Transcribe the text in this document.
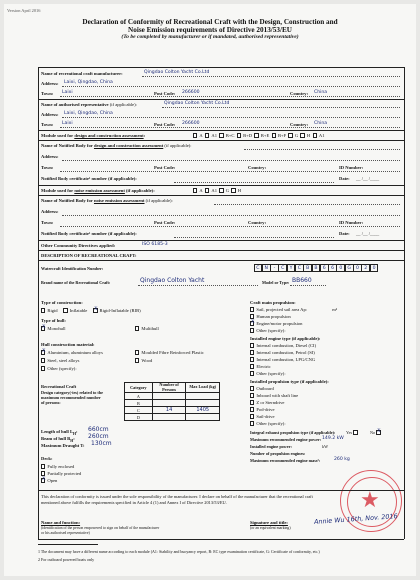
Version April 2016
Declaration of Conformity of Recreational Craft with the Design, Construction and
Noise Emission requirements of Directive 2013/53/EU
(To be completed by manufacturer or if mandated, authorised representative)
Name of recreational craft manufacturer:	Qingdao Colton Yacht Co.Ltd
Address: Laixi, Qingdao, China
Town: Laixi	Post Code: 266600	Country: China
Name of authorised representative (if applicable):	Qingdao Colton Yacht Co.Ltd
Address: Laixi, Qingdao, China
Town: Laixi	Post Code: 266600	Country: China
Module used for design and construction assessment:	A A1 B+C B+D B+E B+F G H A1
Name of Notified Body for design and construction assessment (if applicable):
Address:
Town:	Post Code:	Country:	ID Number:
Notified Body certificate¹ number (if applicable):	Date: __ /__ /____
Module used for noise emission assessment (if applicable):	A A1 G H
Name of Notified Body for noise emission assessment (if applicable):
Address:
Town:	Post Code:	Country:	ID Number:
Notified Body certificate¹ number (if applicable):	Date: __ /__ /____
Other Community Directives applied:	ISO 6185-3
DESCRIPTION OF RECREATIONAL CRAFT:
Watercraft Identification Number:	C	N	-	C	Y	C	B	B	6	6	0	G	0	2	0
Brand name of the Recreational Craft:	Qingdao Colton Yacht	Model or Type: BB660
Type of construction:
Rigid	Inflatable X Rigid-Inflatable (RIB)
Type of hull:
X Monohull	Multihull
Hull construction material:
X Aluminium, aluminium alloys	Moulded Fibre Reinforced Plastic
Steel, steel alloys	Wood
Other (specify):
Craft main propulsion:
Sail, projected sail area Ap:	m²
Human propulsion
X Engine/motor propulsion
Other (specify):
Installed engine type (if applicable):
Internal combustion, Diesel (CI)
Internal combustion, Petrol (SI)
Internal combustion, LPG/CNG
Electric
Other (specify):
Installed propulsion type (if applicable):
Outboard
Inboard with shaft line
Z or Sterndrive
Pod-drive
Sail-drive
Other (specify):
Recreational Craft
Design category(-ies) related to the
maximum recommended number
of persons:
Category	Number of Persons	Max Load (kg)
A		
B		
C	14	1405
D		
Length of hull $L_H$: 660cm
Beam of hull $B_H$: 260cm
Maximum Draught T: 130cm
Deck:
Fully enclosed
Partially protected
X Open
Integral exhaust propulsion type (if applicable):	Yes	No X
Maximum recommended engine power: 149.2 kW
Installed engine power:	kW
Number of propulsion engines:
Maximum recommended engine mass²:	260 kg
★
This declaration of conformity is issued under the sole responsibility of the manufacturer. I declare on behalf of the manufacturer that the recreational craft
mentioned above fulfills the requirements specified in Article 4 (1) and Annex I of Directive 2013/53/EU.
Name and function:
(identification of the person empowered to sign on behalf of the manufacturer
or his authorised representative)
Signature and title:
(or an equivalent marking)
Annie Wu 16th, Nov. 2016
1 The document may have a different name according to each module (A1: Stability and buoyancy report, B: EC type examination certificate, G: Certificate of conformity, etc.)
2 For outboard powered boats only
